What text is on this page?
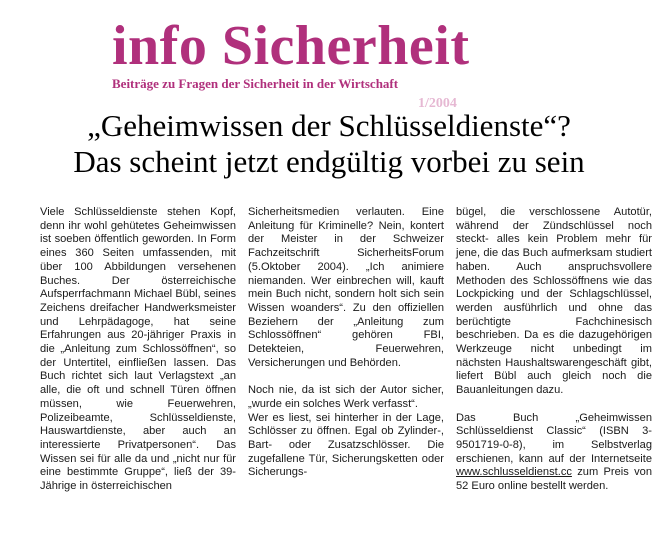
info Sicherheit
Beiträge zu Fragen der Sicherheit in der Wirtschaft
1/2004
„Geheimwissen der Schlüsseldienste“?
Das scheint jetzt endgültig vorbei zu sein

Viele Schlüsseldienste stehen Kopf, denn ihr wohl gehütetes Geheimwissen ist soeben öffentlich geworden. In Form eines 360 Seiten umfassenden, mit über 100 Abbildungen versehenen Buches. Der österreichische Aufsperrfachmann Michael Bübl, seines Zeichens dreifacher Handwerksmeister und Lehrpädagoge, hat seine Erfahrungen aus 20-jähriger Praxis in die „Anleitung zum Schlossöffnen“, so der Untertitel, einfließen lassen. Das Buch richtet sich laut Verlagstext „an alle, die oft und schnell Türen öffnen müssen, wie Feuerwehren, Polizeibeamte, Schlüsseldienste, Hauswartdienste, aber auch an interessierte Privatpersonen“. Das Wissen sei für alle da und „nicht nur für eine bestimmte Gruppe“, ließ der 39-Jährige in österreichischen

Sicherheitsmedien verlauten. Eine Anleitung für Kriminelle? Nein, kontert der Meister in der Schweizer Fachzeitschrift SicherheitsForum (5.Oktober 2004). „Ich animiere niemanden. Wer einbrechen will, kauft mein Buch nicht, sondern holt sich sein Wissen woanders“. Zu den offiziellen Beziehern der „Anleitung zum Schlossöffnen“ gehören FBI, Detekteien, Feuerwehren, Versicherungen und Behörden.

Noch nie, da ist sich der Autor sicher, „wurde ein solches Werk verfasst“.

Wer es liest, sei hinterher in der Lage, Schlösser zu öffnen. Egal ob Zylinder-, Bart- oder Zusatzschlösser. Die zugefallene Tür, Sicherungsketten oder Sicherungs-

bügel, die verschlossene Autotür, während der Zündschlüssel noch steckt- alles kein Problem mehr für jene, die das Buch aufmerksam studiert haben. Auch anspruchsvollere Methoden des Schlossöffnens wie das Lockpicking und der Schlagschlüssel, werden ausführlich und ohne das berüchtigte Fachchinesisch beschrieben. Da es die dazugehörigen Werkzeuge nicht unbedingt im nächsten Haushaltswarengeschäft gibt, liefert Bübl auch gleich noch die Bauanleitungen dazu.

Das Buch „Geheimwissen Schlüsseldienst Classic“ (ISBN 3-9501719-0-8), im Selbstverlag erschienen, kann auf der Internetseite www.schlusseldienst.cc zum Preis von 52 Euro online bestellt werden.
